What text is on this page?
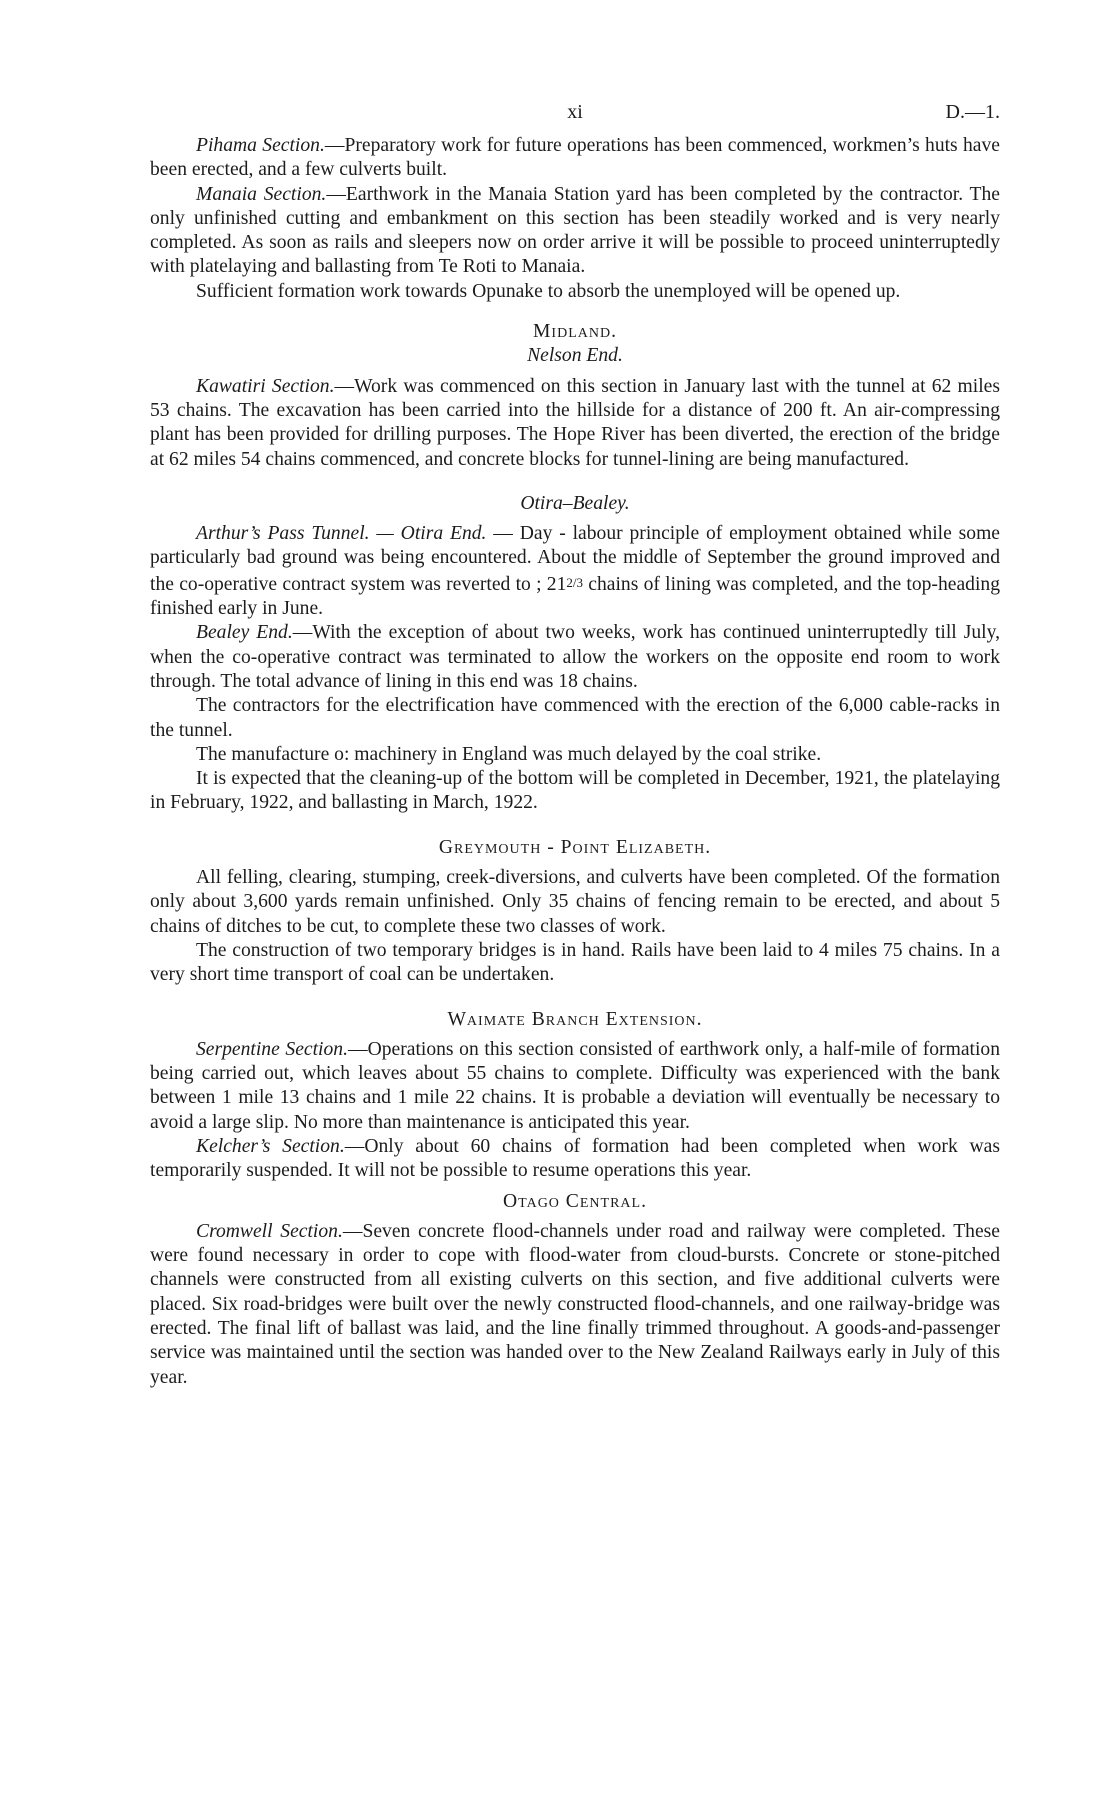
xi	D.—1.

Pihama Section.—Preparatory work for future operations has been commenced, workmen’s huts have been erected, and a few culverts built.

Manaia Section.—Earthwork in the Manaia Station yard has been completed by the contractor. The only unfinished cutting and embankment on this section has been steadily worked and is very nearly completed. As soon as rails and sleepers now on order arrive it will be possible to proceed uninterruptedly with platelaying and ballasting from Te Roti to Manaia.

Sufficient formation work towards Opunake to absorb the unemployed will be opened up.

Midland.
Nelson End.

Kawatiri Section.—Work was commenced on this section in January last with the tunnel at 62 miles 53 chains. The excavation has been carried into the hillside for a distance of 200 ft. An air-compressing plant has been provided for drilling purposes. The Hope River has been diverted, the erection of the bridge at 62 miles 54 chains commenced, and concrete blocks for tunnel-lining are being manufactured.

Otira–Bealey.

Arthur’s Pass Tunnel. — Otira End. — Day - labour principle of employment obtained while some particularly bad ground was being encountered. About the middle of September the ground improved and the co-operative contract system was reverted to ; 212/3 chains of lining was completed, and the top-heading finished early in June.

Bealey End.—With the exception of about two weeks, work has continued uninterruptedly till July, when the co-operative contract was terminated to allow the workers on the opposite end room to work through. The total advance of lining in this end was 18 chains.

The contractors for the electrification have commenced with the erection of the 6,000 cable-racks in the tunnel.

The manufacture o: machinery in England was much delayed by the coal strike.

It is expected that the cleaning-up of the bottom will be completed in December, 1921, the platelaying in February, 1922, and ballasting in March, 1922.

Greymouth - Point Elizabeth.

All felling, clearing, stumping, creek-diversions, and culverts have been completed. Of the formation only about 3,600 yards remain unfinished. Only 35 chains of fencing remain to be erected, and about 5 chains of ditches to be cut, to complete these two classes of work.

The construction of two temporary bridges is in hand. Rails have been laid to 4 miles 75 chains. In a very short time transport of coal can be undertaken.

Waimate Branch Extension.

Serpentine Section.—Operations on this section consisted of earthwork only, a half-mile of formation being carried out, which leaves about 55 chains to complete. Difficulty was experienced with the bank between 1 mile 13 chains and 1 mile 22 chains. It is probable a deviation will eventually be necessary to avoid a large slip. No more than maintenance is anticipated this year.

Kelcher’s Section.—Only about 60 chains of formation had been completed when work was temporarily suspended. It will not be possible to resume operations this year.

Otago Central.

Cromwell Section.—Seven concrete flood-channels under road and railway were completed. These were found necessary in order to cope with flood-water from cloud-bursts. Concrete or stone-pitched channels were constructed from all existing culverts on this section, and five additional culverts were placed. Six road-bridges were built over the newly constructed flood-channels, and one railway-bridge was erected. The final lift of ballast was laid, and the line finally trimmed throughout. A goods-and-passenger service was maintained until the section was handed over to the New Zealand Railways early in July of this year.
